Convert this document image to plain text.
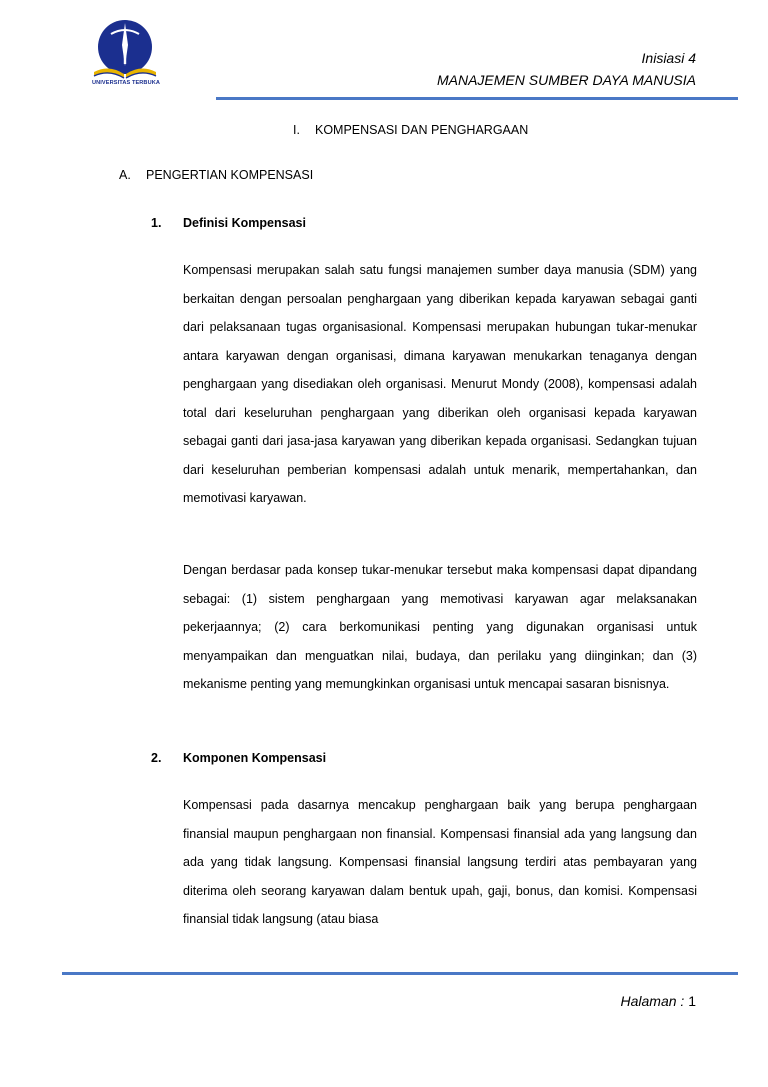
UNIVERSITAS TERBUKA
Inisiasi 4
MANAJEMEN SUMBER DAYA MANUSIA
I. KOMPENSASI DAN PENGHARGAAN
A. PENGERTIAN KOMPENSASI
1. Definisi Kompensasi
Kompensasi merupakan salah satu fungsi manajemen sumber daya manusia (SDM) yang berkaitan dengan persoalan penghargaan yang diberikan kepada karyawan sebagai ganti dari pelaksanaan tugas organisasional. Kompensasi merupakan hubungan tukar-menukar antara karyawan dengan organisasi, dimana karyawan menukarkan tenaganya dengan penghargaan yang disediakan oleh organisasi. Menurut Mondy (2008), kompensasi adalah total dari keseluruhan penghargaan yang diberikan oleh organisasi kepada karyawan sebagai ganti dari jasa-jasa karyawan yang diberikan kepada organisasi. Sedangkan tujuan dari keseluruhan pemberian kompensasi adalah untuk menarik, mempertahankan, dan memotivasi karyawan.
Dengan berdasar pada konsep tukar-menukar tersebut maka kompensasi dapat dipandang sebagai: (1) sistem penghargaan yang memotivasi karyawan agar melaksanakan pekerjaannya; (2) cara berkomunikasi penting yang digunakan organisasi untuk menyampaikan dan menguatkan nilai, budaya, dan perilaku yang diinginkan; dan (3) mekanisme penting yang memungkinkan organisasi untuk mencapai sasaran bisnisnya.
2. Komponen Kompensasi
Kompensasi pada dasarnya mencakup penghargaan baik yang berupa penghargaan finansial maupun penghargaan non finansial. Kompensasi finansial ada yang langsung dan ada yang tidak langsung. Kompensasi finansial langsung terdiri atas pembayaran yang diterima oleh seorang karyawan dalam bentuk upah, gaji, bonus, dan komisi. Kompensasi finansial tidak langsung (atau biasa
Halaman : 1
